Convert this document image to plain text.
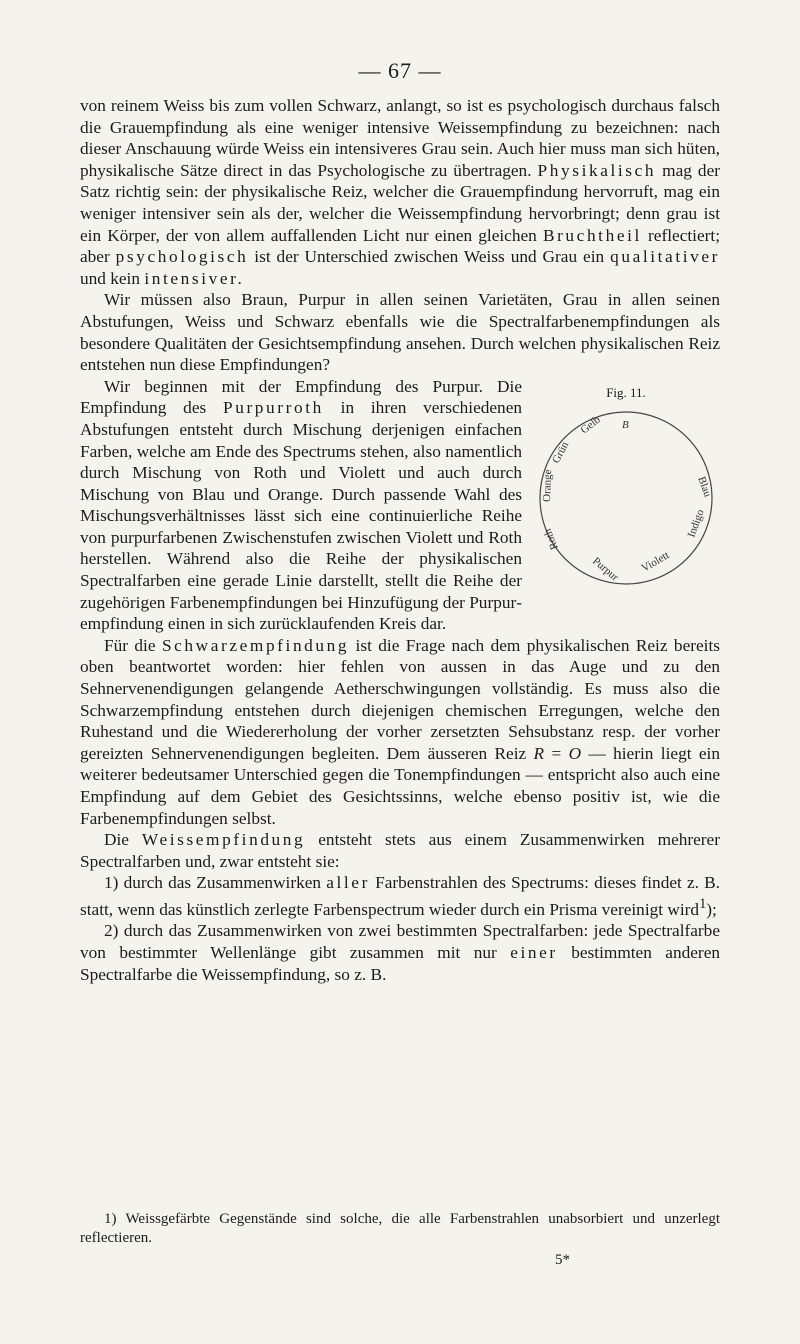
— 67 —

von reinem Weiss bis zum vollen Schwarz, anlangt, so ist es psychologisch durchaus falsch die Grauempfindung als eine weniger intensive Weissempfindung zu bezeichnen: nach dieser Anschauung würde Weiss ein intensiveres Grau sein. Auch hier muss man sich hüten, physikalische Sätze direct in das Psychologische zu übertragen. Physikalisch mag der Satz richtig sein: der physikalische Reiz, welcher die Grauempfindung hervorruft, mag ein weniger intensiver sein als der, welcher die Weissempfindung hervorbringt; denn grau ist ein Körper, der von allem auffallenden Licht nur einen gleichen Bruchtheil reflectiert; aber psychologisch ist der Unterschied zwischen Weiss und Grau ein qualitativer und kein intensiver.

Wir müssen also Braun, Purpur in allen seinen Varietäten, Grau in allen seinen Abstufungen, Weiss und Schwarz ebenfalls wie die Spectralfarbenempfindungen als besondere Qualitäten der Gesichtsempfindung ansehen. Durch welchen physikalischen Reiz entstehen nun diese Empfindungen?

Fig. 11.
B
Gelb
Grün
Orange
Roth
Purpur Violett
Indigo
Blau

Wir beginnen mit der Empfindung des Purpur. Die Empfindung des Purpurroth in ihren verschiedenen Abstufungen entsteht durch Mischung derjenigen einfachen Farben, welche am Ende des Spectrums stehen, also namentlich durch Mischung von Roth und Violett und auch durch Mischung von Blau und Orange. Durch passende Wahl des Mischungsverhältnisses lässt sich eine continuierliche Reihe von purpurfarbenen Zwischenstufen zwischen Violett und Roth herstellen. Während also die Reihe der physikalischen Spectralfarben eine gerade Linie darstellt, stellt die Reihe der zugehörigen Farbenempfindungen bei Hinzufügung der Purpurempfindung einen in sich zurücklaufenden Kreis dar.

Für die Schwarzempfindung ist die Frage nach dem physikalischen Reiz bereits oben beantwortet worden: hier fehlen von aussen in das Auge und zu den Sehnervenendigungen gelangende Aetherschwingungen vollständig. Es muss also die Schwarzempfindung entstehen durch diejenigen chemischen Erregungen, welche den Ruhestand und die Wiedererholung der vorher zersetzten Sehsubstanz resp. der vorher gereizten Sehnervenendigungen begleiten. Dem äusseren Reiz R = O — hierin liegt ein weiterer bedeutsamer Unterschied gegen die Tonempfindungen — entspricht also auch eine Empfindung auf dem Gebiet des Gesichtssinns, welche ebenso positiv ist, wie die Farbenempfindungen selbst.

Die Weissempfindung entsteht stets aus einem Zusammenwirken mehrerer Spectralfarben und, zwar entsteht sie:

1) durch das Zusammenwirken aller Farbenstrahlen des Spectrums: dieses findet z. B. statt, wenn das künstlich zerlegte Farbenspectrum wieder durch ein Prisma vereinigt wird$^1$);

2) durch das Zusammenwirken von zwei bestimmten Spectralfarben: jede Spectralfarbe von bestimmter Wellenlänge gibt zusammen mit nur einer bestimmten anderen Spectralfarbe die Weissempfindung, so z. B.

1) Weissgefärbte Gegenstände sind solche, die alle Farbenstrahlen unabsorbiert und unzerlegt reflectieren.

5*
